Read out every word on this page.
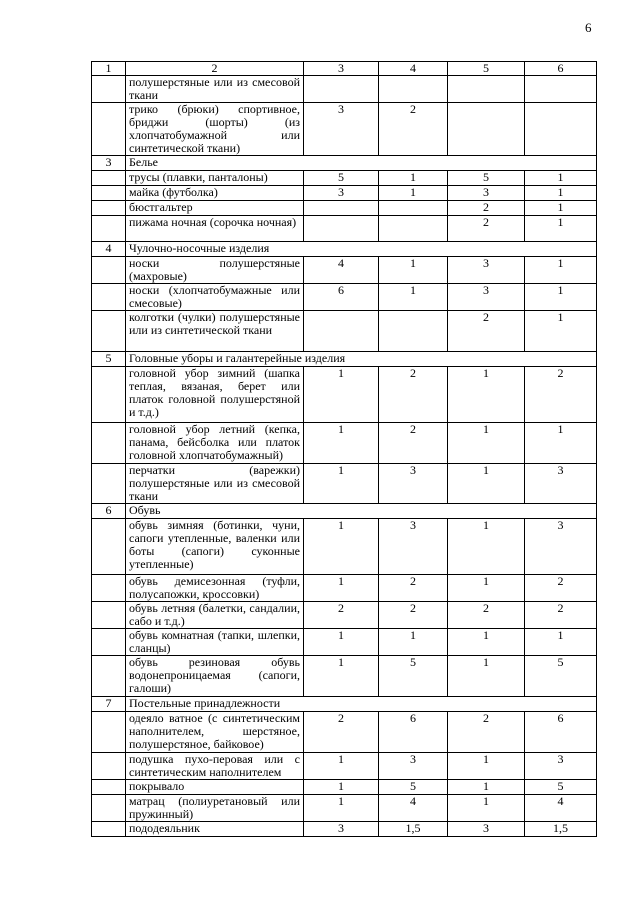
6
1	2	3	4	5	6
	полушерстяные или из смесовой ткани				
	трико (брюки) спортивное, бриджи (шорты) (из хлопчатобумажной или синтетической ткани)	3	2		
3	Белье				
	трусы (плавки, панталоны)	5	1	5	1
	майка (футболка)	3	1	3	1
	бюстгальтер			2	1
	пижама ночная (сорочка ночная)			2	1
4	Чулочно-носочные изделия				
	носки полушерстяные (махровые)	4	1	3	1
	носки (хлопчатобумажные или смесовые)	6	1	3	1
	колготки (чулки) полушерстяные или из синтетической ткани			2	1
5	Головные уборы и галантерейные изделия				
	головной убор зимний (шапка теплая, вязаная, берет или платок головной полушерстяной и т.д.)	1	2	1	2
	головной убор летний (кепка, панама, бейсболка или платок головной хлопчатобумажный)	1	2	1	1
	перчатки (варежки) полушерстяные или из смесовой ткани	1	3	1	3
6	Обувь				
	обувь зимняя (ботинки, чуни, сапоги утепленные, валенки или боты (сапоги) суконные утепленные)	1	3	1	3
	обувь демисезонная (туфли, полусапожки, кроссовки)	1	2	1	2
	обувь летняя (балетки, сандалии, сабо и т.д.)	2	2	2	2
	обувь комнатная (тапки, шлепки, сланцы)	1	1	1	1
	обувь резиновая обувь водонепроницаемая (сапоги, галоши)	1	5	1	5
7	Постельные принадлежности				
	одеяло ватное (с синтетическим наполнителем, шерстяное, полушерстяное, байковое)	2	6	2	6
	подушка пухо-перовая или с синтетическим наполнителем	1	3	1	3
	покрывало	1	5	1	5
	матрац (полиуретановый или пружинный)	1	4	1	4
	пододеяльник	3	1,5	3	1,5
